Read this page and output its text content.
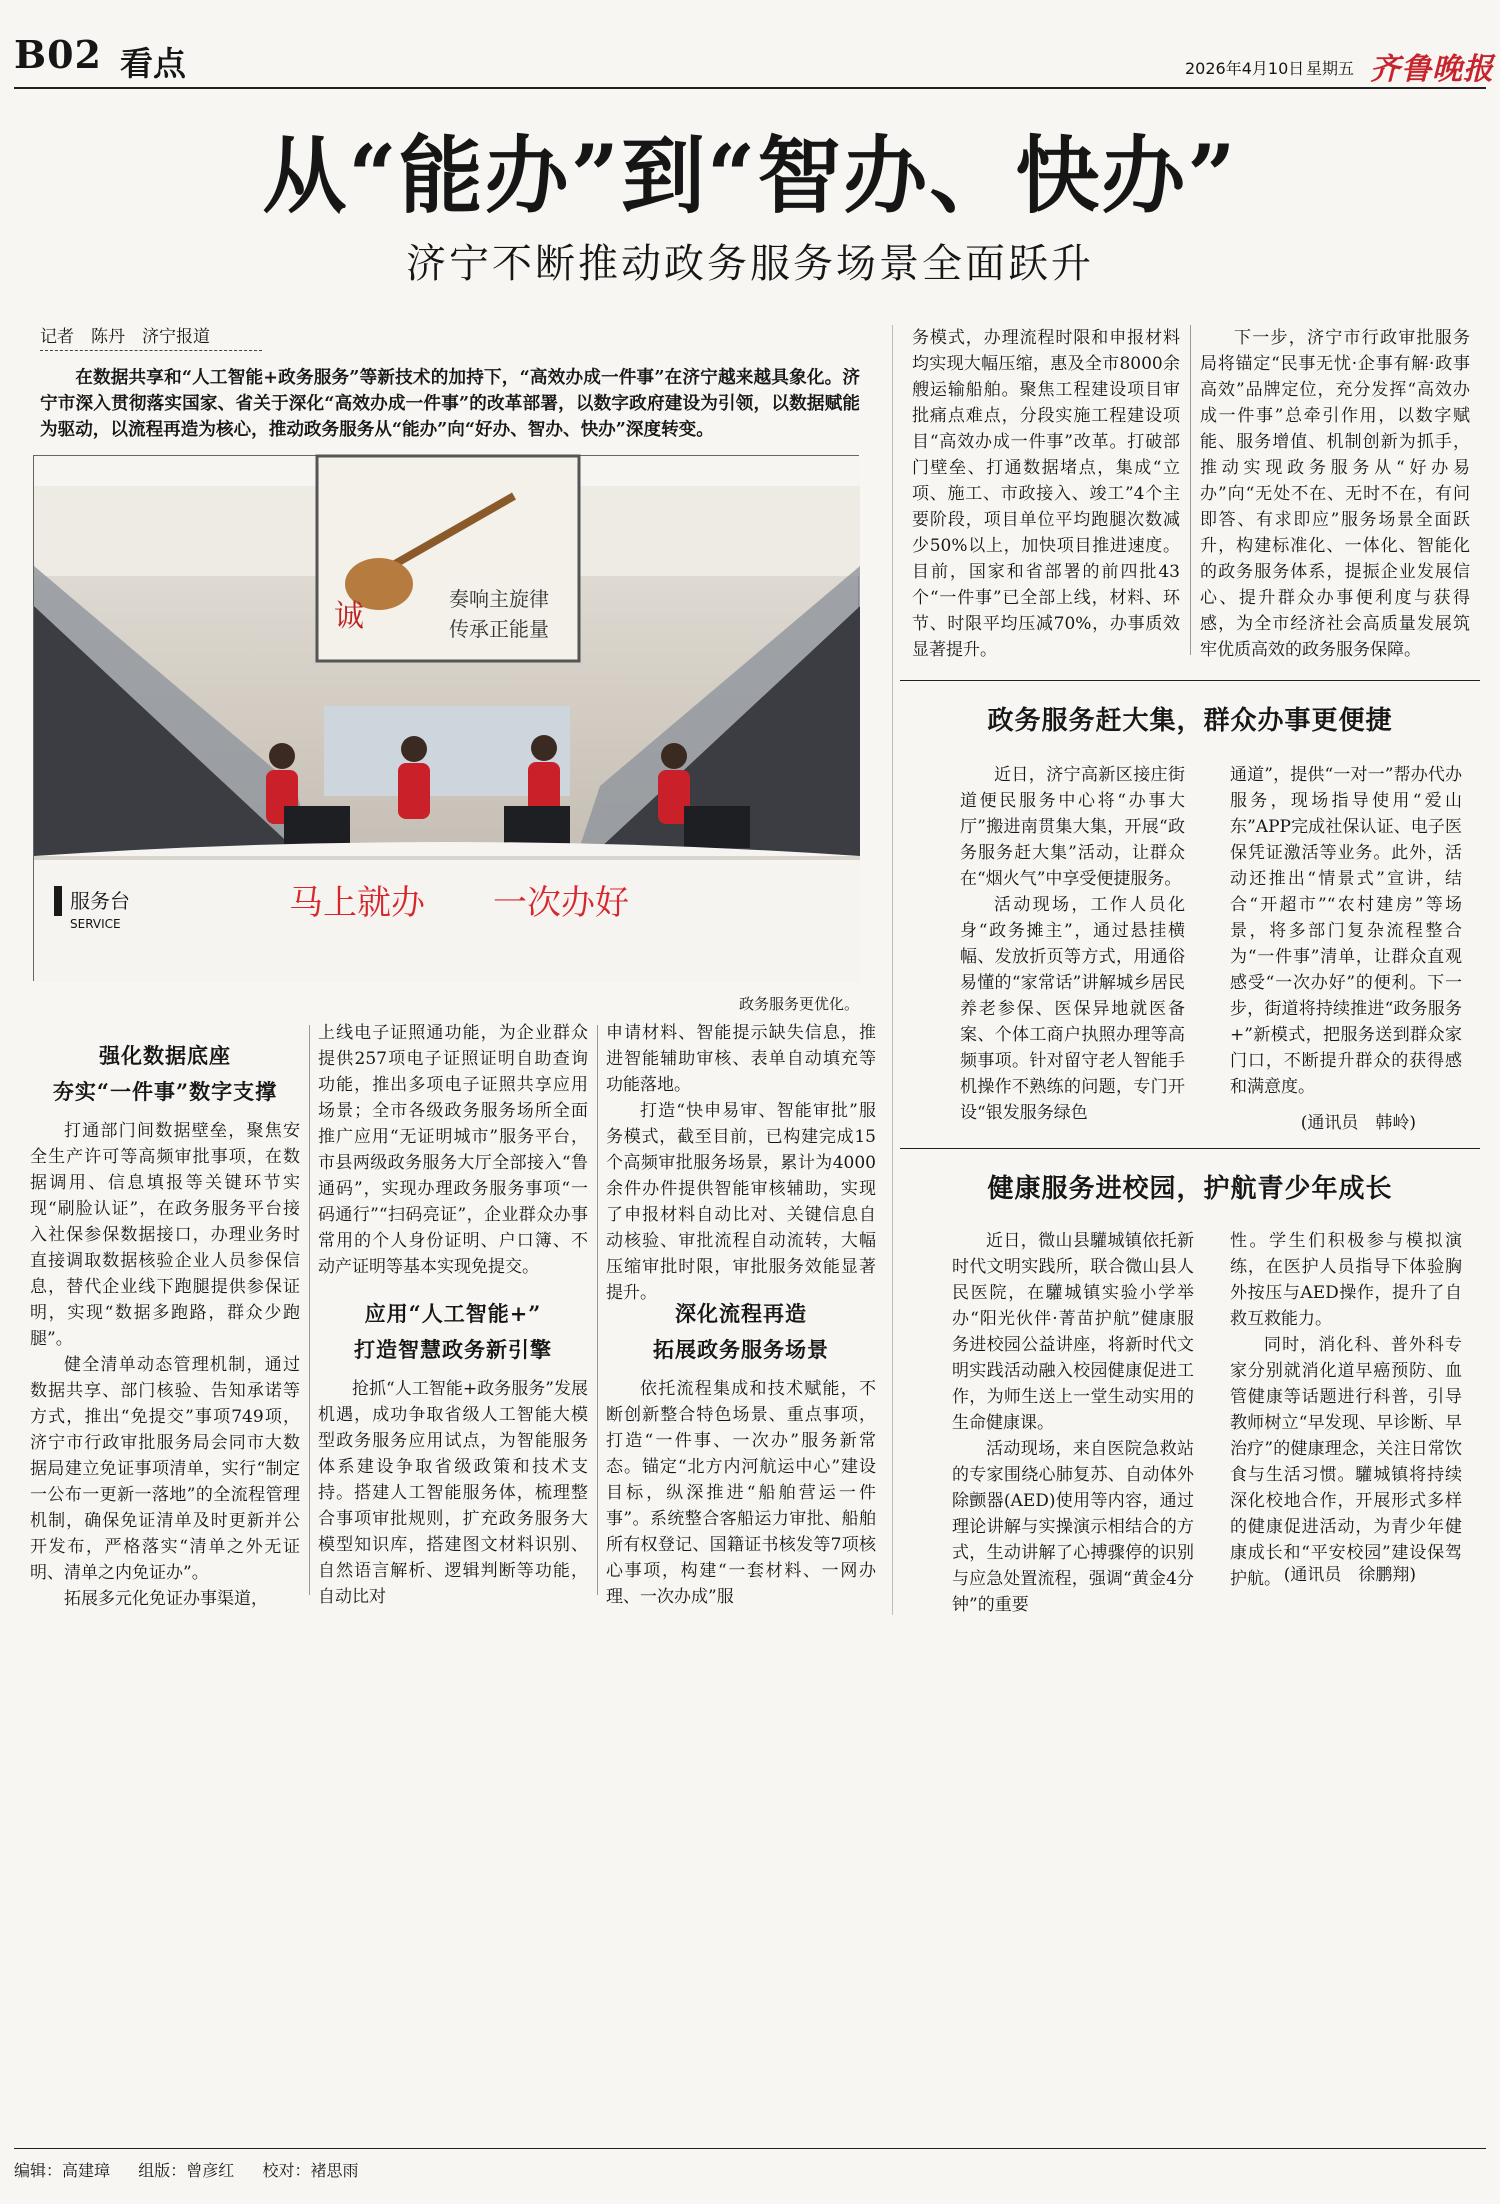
B02 看点	2026年4月10日 星期五 齐鲁晚报
从“能办”到“智办、快办”
济宁不断推动政务服务场景全面跃升
记者　陈丹　济宁报道
在数据共享和“人工智能+政务服务”等新技术的加持下，“高效办成一件事”在济宁越来越具象化。济宁市深入贯彻落实国家、省关于深化“高效办成一件事”的改革部署，以数字政府建设为引领，以数据赋能为驱动，以流程再造为核心，推动政务服务从“能办”向“好办、智办、快办”深度转变。
诚	奏响主旋律
传承正能量
服务台
SERVICE
马上就办　　一次办好
政务服务更优化。
强化数据底座
夯实“一件事”数字支撑

打通部门间数据壁垒，聚焦安全生产许可等高频审批事项，在数据调用、信息填报等关键环节实现“刷脸认证”，在政务服务平台接入社保参保数据接口，办理业务时直接调取数据核验企业人员参保信息，替代企业线下跑腿提供参保证明，实现“数据多跑路，群众少跑腿”。

健全清单动态管理机制，通过数据共享、部门核验、告知承诺等方式，推出“免提交”事项749项，济宁市行政审批服务局会同市大数据局建立免证事项清单，实行“制定一公布一更新一落地”的全流程管理机制，确保免证清单及时更新并公开发布，严格落实“清单之外无证明、清单之内免证办”。

拓展多元化免证办事渠道，

上线电子证照通功能，为企业群众提供257项电子证照证明自助查询功能，推出多项电子证照共享应用场景；全市各级政务服务场所全面推广应用“无证明城市”服务平台，市县两级政务服务大厅全部接入“鲁通码”，实现办理政务服务事项“一码通行”“扫码亮证”，企业群众办事常用的个人身份证明、户口簿、不动产证明等基本实现免提交。
应用“人工智能+”
打造智慧政务新引擎

抢抓“人工智能+政务服务”发展机遇，成功争取省级人工智能大模型政务服务应用试点，为智能服务体系建设争取省级政策和技术支持。搭建人工智能服务体，梳理整合事项审批规则，扩充政务服务大模型知识库，搭建图文材料识别、自然语言解析、逻辑判断等功能，自动比对

申请材料、智能提示缺失信息，推进智能辅助审核、表单自动填充等功能落地。

打造“快申易审、智能审批”服务模式，截至目前，已构建完成15个高频审批服务场景，累计为4000余件办件提供智能审核辅助，实现了申报材料自动比对、关键信息自动核验、审批流程自动流转，大幅压缩审批时限，审批服务效能显著提升。

深化流程再造
拓展政务服务场景

依托流程集成和技术赋能，不断创新整合特色场景、重点事项，打造“一件事、一次办”服务新常态。锚定“北方内河航运中心”建设目标，纵深推进“船舶营运一件事”。系统整合客船运力审批、船舶所有权登记、国籍证书核发等7项核心事项，构建“一套材料、一网办理、一次办成”服

务模式，办理流程时限和申报材料均实现大幅压缩，惠及全市8000余艘运输船舶。聚焦工程建设项目审批痛点难点，分段实施工程建设项目“高效办成一件事”改革。打破部门壁垒、打通数据堵点，集成“立项、施工、市政接入、竣工”4个主要阶段，项目单位平均跑腿次数减少50%以上，加快项目推进速度。目前，国家和省部署的前四批43个“一件事”已全部上线，材料、环节、时限平均压减70%，办事质效显著提升。

下一步，济宁市行政审批服务局将锚定“民事无忧·企事有解·政事高效”品牌定位，充分发挥“高效办成一件事”总牵引作用，以数字赋能、服务增值、机制创新为抓手，推动实现政务服务从“好办易办”向“无处不在、无时不在，有问即答、有求即应”服务场景全面跃升，构建标准化、一体化、智能化的政务服务体系，提振企业发展信心、提升群众办事便利度与获得感，为全市经济社会高质量发展筑牢优质高效的政务服务保障。

政务服务赶大集，群众办事更便捷

近日，济宁高新区接庄街道便民服务中心将“办事大厅”搬进南贯集大集，开展“政务服务赶大集”活动，让群众在“烟火气”中享受便捷服务。

活动现场，工作人员化身“政务摊主”，通过悬挂横幅、发放折页等方式，用通俗易懂的“家常话”讲解城乡居民养老参保、医保异地就医备案、个体工商户执照办理等高频事项。针对留守老人智能手机操作不熟练的问题，专门开设“银发服务绿色

通道”，提供“一对一”帮办代办服务，现场指导使用“爱山东”APP完成社保认证、电子医保凭证激活等业务。此外，活动还推出“情景式”宣讲，结合“开超市”“农村建房”等场景，将多部门复杂流程整合为“一件事”清单，让群众直观感受“一次办好”的便利。下一步，街道将持续推进“政务服务+”新模式，把服务送到群众家门口，不断提升群众的获得感和满意度。
(通讯员　韩岭)
健康服务进校园，护航青少年成长

近日，微山县驩城镇依托新时代文明实践所，联合微山县人民医院，在驩城镇实验小学举办“阳光伙伴·菁苗护航”健康服务进校园公益讲座，将新时代文明实践活动融入校园健康促进工作，为师生送上一堂生动实用的生命健康课。

活动现场，来自医院急救站的专家围绕心肺复苏、自动体外除颤器(AED)使用等内容，通过理论讲解与实操演示相结合的方式，生动讲解了心搏骤停的识别与应急处置流程，强调“黄金4分钟”的重要

性。学生们积极参与模拟演练，在医护人员指导下体验胸外按压与AED操作，提升了自救互救能力。

同时，消化科、普外科专家分别就消化道早癌预防、血管健康等话题进行科普，引导教师树立“早发现、早诊断、早治疗”的健康理念，关注日常饮食与生活习惯。驩城镇将持续深化校地合作，开展形式多样的健康促进活动，为青少年健康成长和“平安校园”建设保驾护航。 (通讯员　徐鹏翔)
编辑：高建璋 组版：曾彦红 校对：褚思雨
